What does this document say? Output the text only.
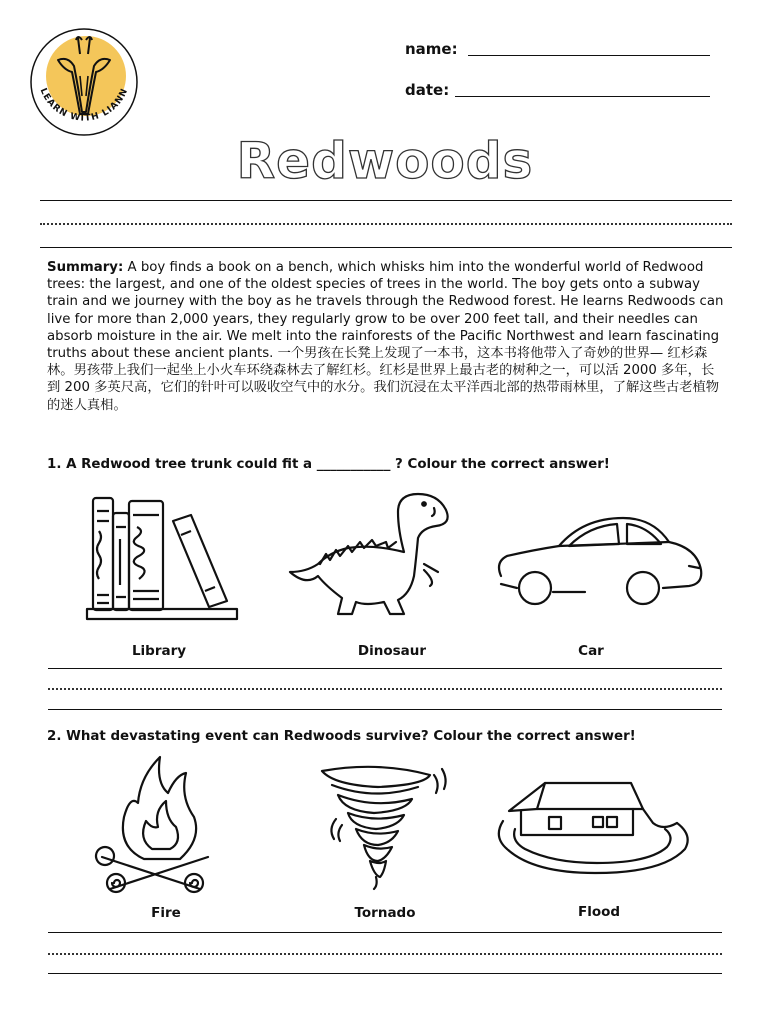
LEARN WITH LIANN
name:
date:
Redwoods
Summary: A boy finds a book on a bench, which whisks him into the wonderful world of Redwood trees: the largest, and one of the oldest species of trees in the world. The boy gets onto a subway train and we journey with the boy as he travels through the Redwood forest. He learns Redwoods can live for more than 2,000 years, they regularly grow to be over 200 feet tall, and their needles can absorb moisture in the air. We melt into the rainforests of the Pacific Northwest and learn fascinating truths about these ancient plants. 一个男孩在长凳上发现了一本书，这本书将他带入了奇妙的世界— 红杉森林。男孩带上我们一起坐上小火车环绕森林去了解红杉。红杉是世界上最古老的树种之一，可以活 2000 多年，长到 200 多英尺高，它们的针叶可以吸收空气中的水分。我们沉浸在太平洋西北部的热带雨林里，了解这些古老植物的迷人真相。
1. A Redwood tree trunk could fit a ___________ ? Colour the correct answer!
Library	Dinosaur	Car
2. What devastating event can Redwoods survive? Colour the correct answer!
Fire	Tornado	Flood
